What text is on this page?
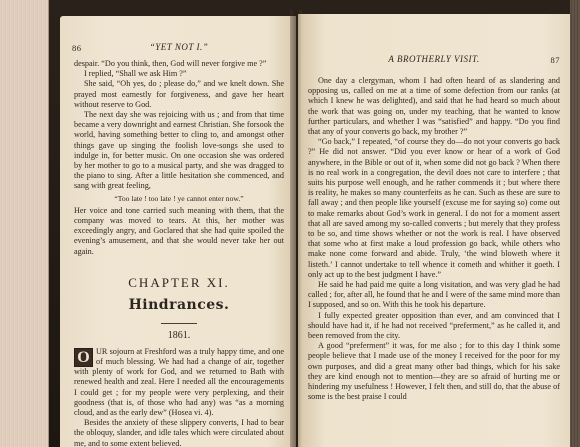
86	“YET NOT I.”

despair. “Do you think, then, God will never forgive me ?”

I replied, “Shall we ask Him ?”

She said, “Oh yes, do ; please do,” and we knelt down. She prayed most earnestly for forgiveness, and gave her heart without reserve to God.

The next day she was rejoicing with us ; and from that time became a very downright and earnest Christian. She forsook the world, having something better to cling to, and amongst other things gave up singing the foolish love-songs she used to indulge in, for better music. On one occasion she was ordered by her mother to go to a musical party, and she was dragged to the piano to sing. After a little hesitation she commenced, and sang with great feeling,

“Too late ! too late ! ye cannot enter now.”

Her voice and tone carried such meaning with them, that the company was moved to tears. At this, her mother was exceedingly angry, and Goclared that she had quite spoiled the evening’s amusement, and that she would never take her out again.

CHAPTER XI.
Hindrances.
1861.

O UR sojourn at Freshford was a truly happy time, and one of much blessing. We had had a change of air, together with plenty of work for God, and we returned to Bath with renewed health and zeal. Here I needed all the encouragements I could get ; for my people were very perplexing, and their goodness (that is, of those who had any) was “as a morning cloud, and as the early dew” (Hosea vi. 4).

Besides the anxiety of these slippery converts, I had to bear the obloquy, slander, and idle tales which were circulated about me, and to some extent believed.

A BROTHERLY VISIT.	87

One day a clergyman, whom I had often heard of as slandering and opposing us, called on me at a time of some defection from our ranks (at which I knew he was delighted), and said that he had heard so much about the work that was going on, under my teaching, that he wanted to know further particulars, and whether I was “satisfied” and happy. “Do you find that any of your converts go back, my brother ?”

“Go back,” I repeated, “of course they do—do not your converts go back ?” He did not answer. “Did you ever know or hear of a work of God anywhere, in the Bible or out of it, when some did not go back ? When there is no real work in a congregation, the devil does not care to interfere ; that suits his purpose well enough, and he rather commends it ; but where there is reality, he makes so many counterfeits as he can. Such as these are sure to fall away ; and then people like yourself (excuse me for saying so) come out to make remarks about God’s work in general. I do not for a moment assert that all are saved among my so-called converts ; but merely that they profess to be so, and time shows whether or not the work is real. I have observed that some who at first make a loud profession go back, while others who make none come forward and abide. Truly, ‘the wind bloweth where it listeth.’ I cannot undertake to tell whence it cometh and whither it goeth. I only act up to the best judgment I have.”

He said he had paid me quite a long visitation, and was very glad he had called ; for, after all, he found that he and I were of the same mind more than I supposed, and so on. With this he took his departure.

I fully expected greater opposition than ever, and am convinced that I should have had it, if he had not received “preferment,” as he called it, and been removed from the city.

A good “preferment” it was, for me also ; for to this day I think some people believe that I made use of the money I received for the poor for my own purposes, and did a great many other bad things, which for his sake they are kind enough not to mention—they are so afraid of hurting me or hindering my usefulness ! However, I felt then, and still do, that the abuse of some is the best praise I could
